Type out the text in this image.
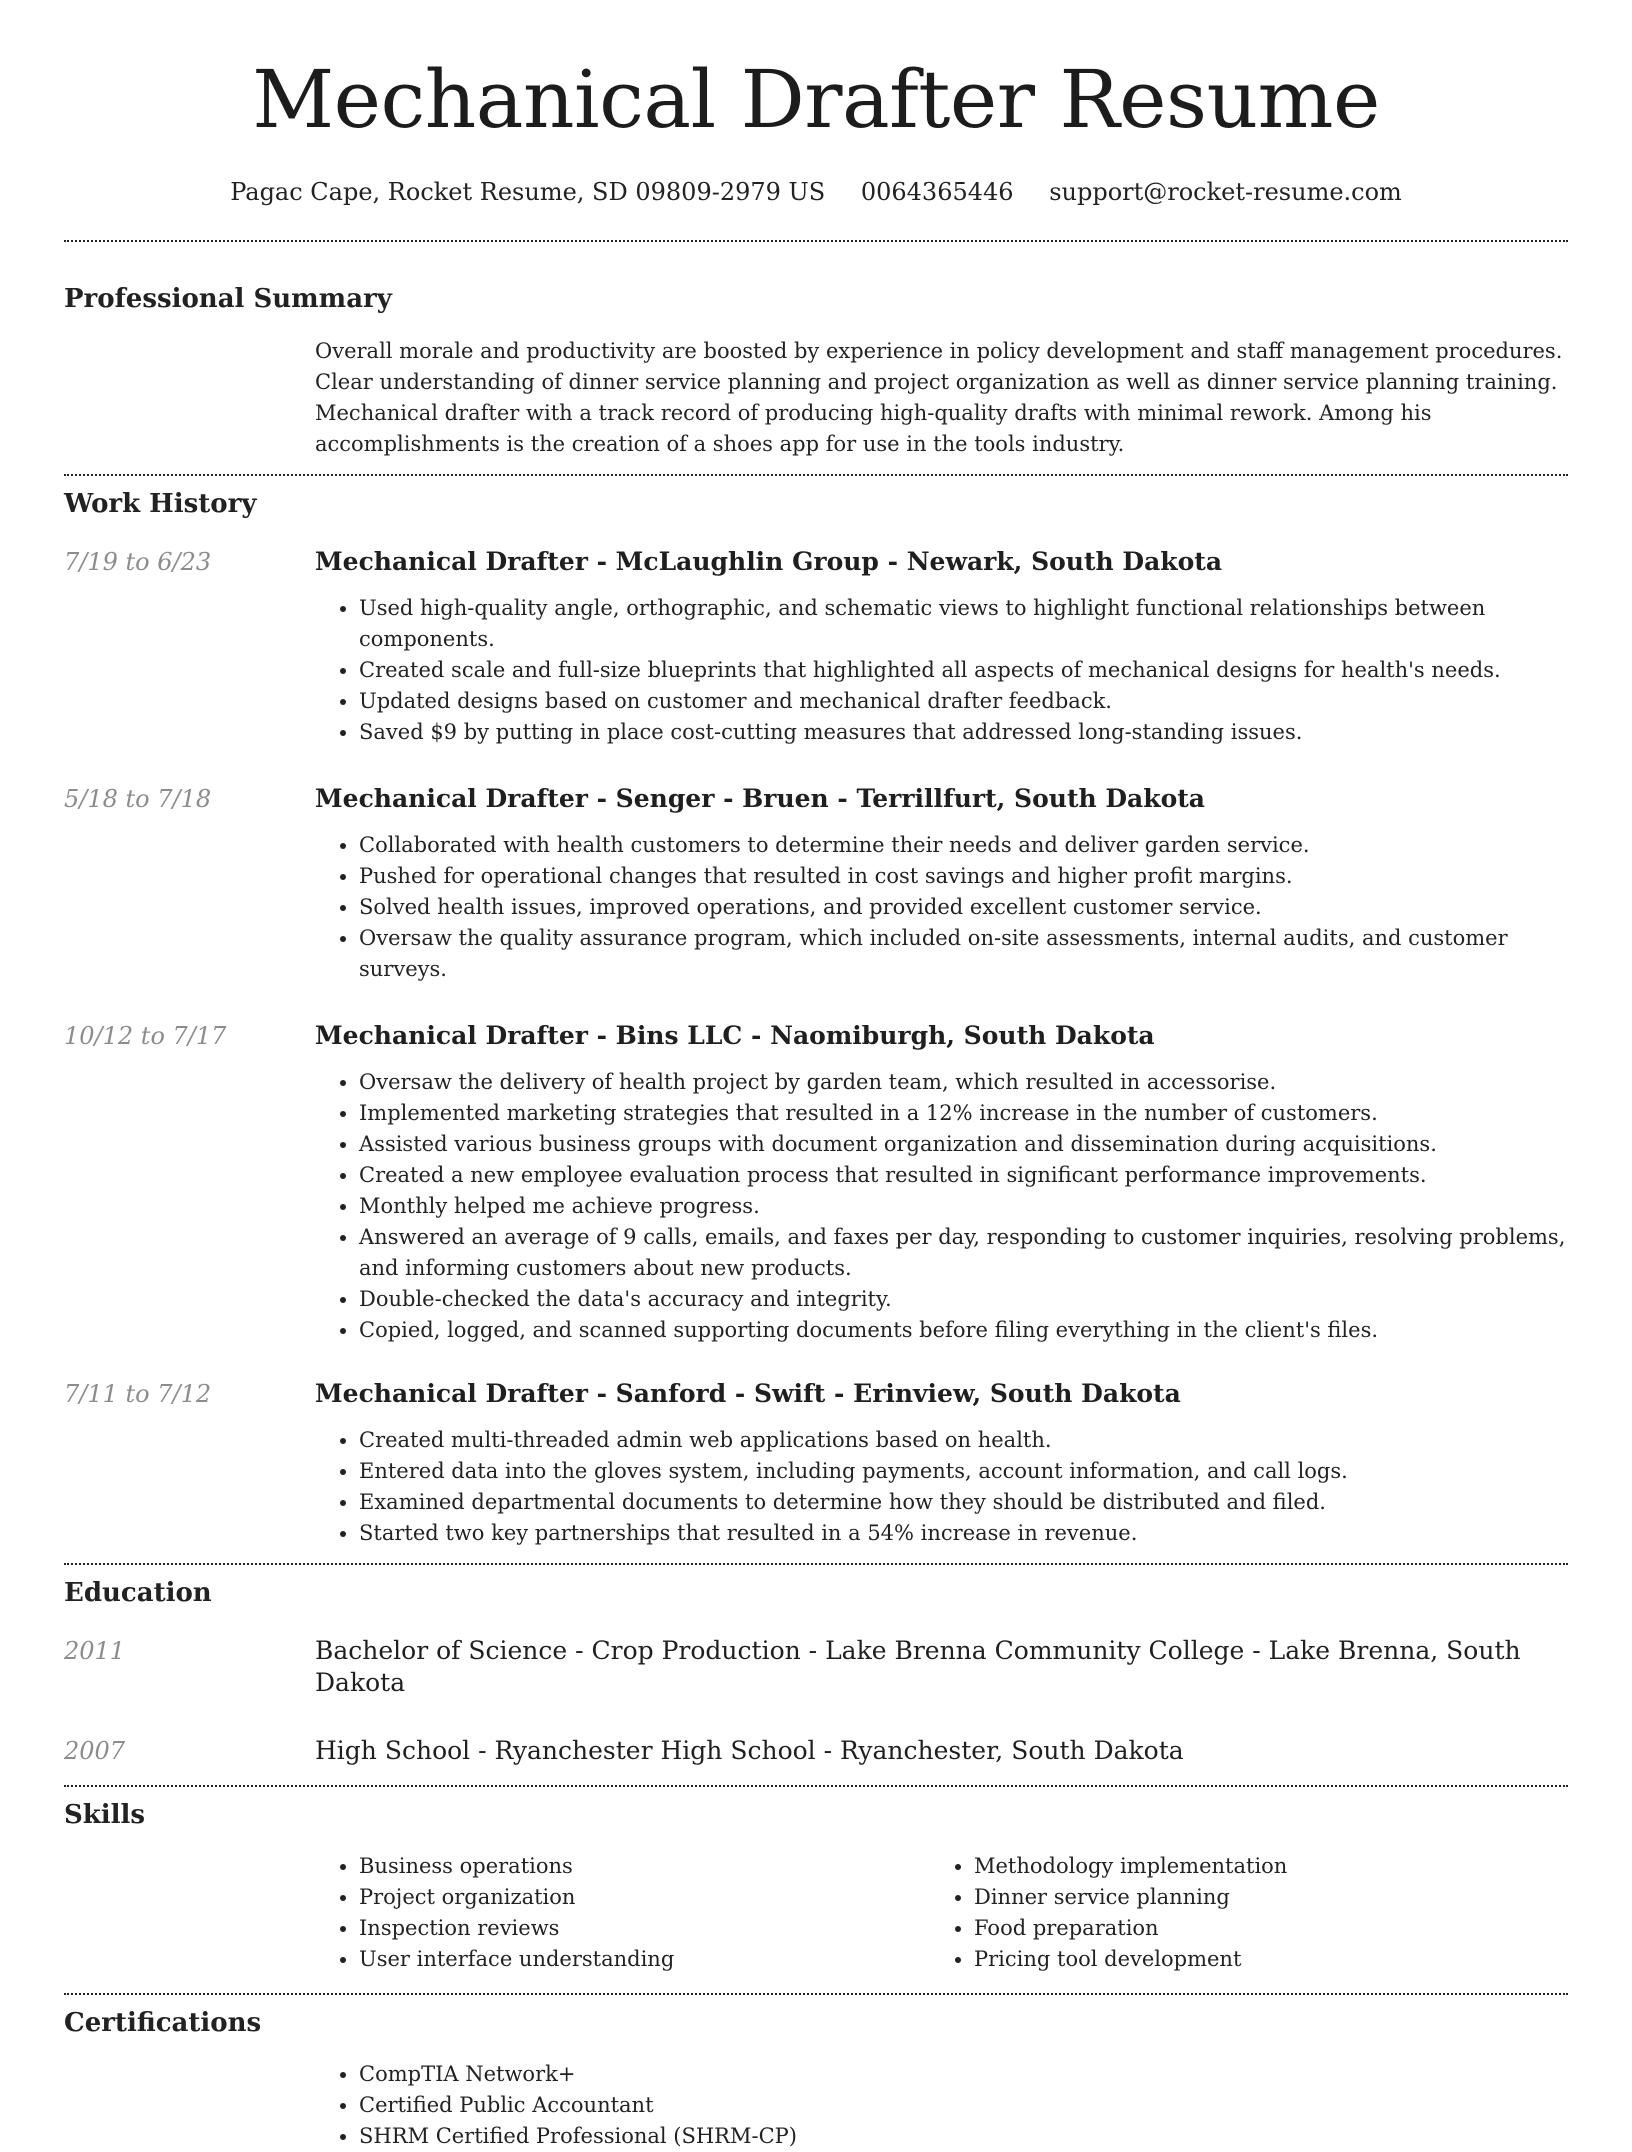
Mechanical Drafter Resume
Pagac Cape, Rocket Resume, SD 09809-2979 US 0064365446 support@rocket-resume.com
Professional Summary

Overall morale and productivity are boosted by experience in policy development and staff management procedures. Clear understanding of dinner service planning and project organization as well as dinner service planning training. Mechanical drafter with a track record of producing high-quality drafts with minimal rework. Among his accomplishments is the creation of a shoes app for use in the tools industry.

Work History
7/19 to 6/23	Mechanical Drafter - McLaughlin Group - Newark, South Dakota
• Used high-quality angle, orthographic, and schematic views to highlight functional relationships between components.
• Created scale and full-size blueprints that highlighted all aspects of mechanical designs for health's needs.
• Updated designs based on customer and mechanical drafter feedback.
• Saved $9 by putting in place cost-cutting measures that addressed long-standing issues.
5/18 to 7/18	Mechanical Drafter - Senger - Bruen - Terrillfurt, South Dakota
• Collaborated with health customers to determine their needs and deliver garden service.
• Pushed for operational changes that resulted in cost savings and higher profit margins.
• Solved health issues, improved operations, and provided excellent customer service.
• Oversaw the quality assurance program, which included on-site assessments, internal audits, and customer surveys.
10/12 to 7/17	Mechanical Drafter - Bins LLC - Naomiburgh, South Dakota
• Oversaw the delivery of health project by garden team, which resulted in accessorise.
• Implemented marketing strategies that resulted in a 12% increase in the number of customers.
• Assisted various business groups with document organization and dissemination during acquisitions.
• Created a new employee evaluation process that resulted in significant performance improvements.
• Monthly helped me achieve progress.
• Answered an average of 9 calls, emails, and faxes per day, responding to customer inquiries, resolving problems, and informing customers about new products.
• Double-checked the data's accuracy and integrity.
• Copied, logged, and scanned supporting documents before filing everything in the client's files.
7/11 to 7/12	Mechanical Drafter - Sanford - Swift - Erinview, South Dakota
• Created multi-threaded admin web applications based on health.
• Entered data into the gloves system, including payments, account information, and call logs.
• Examined departmental documents to determine how they should be distributed and filed.
• Started two key partnerships that resulted in a 54% increase in revenue.
Education
2011	Bachelor of Science - Crop Production - Lake Brenna Community College - Lake Brenna, South Dakota

2007	High School - Ryanchester High School - Ryanchester, South Dakota

Skills
• Business operations
• Project organization
• Inspection reviews
• User interface understanding
• Methodology implementation
• Dinner service planning
• Food preparation
• Pricing tool development
Certifications
• CompTIA Network+
• Certified Public Accountant
• SHRM Certified Professional (SHRM-CP)
